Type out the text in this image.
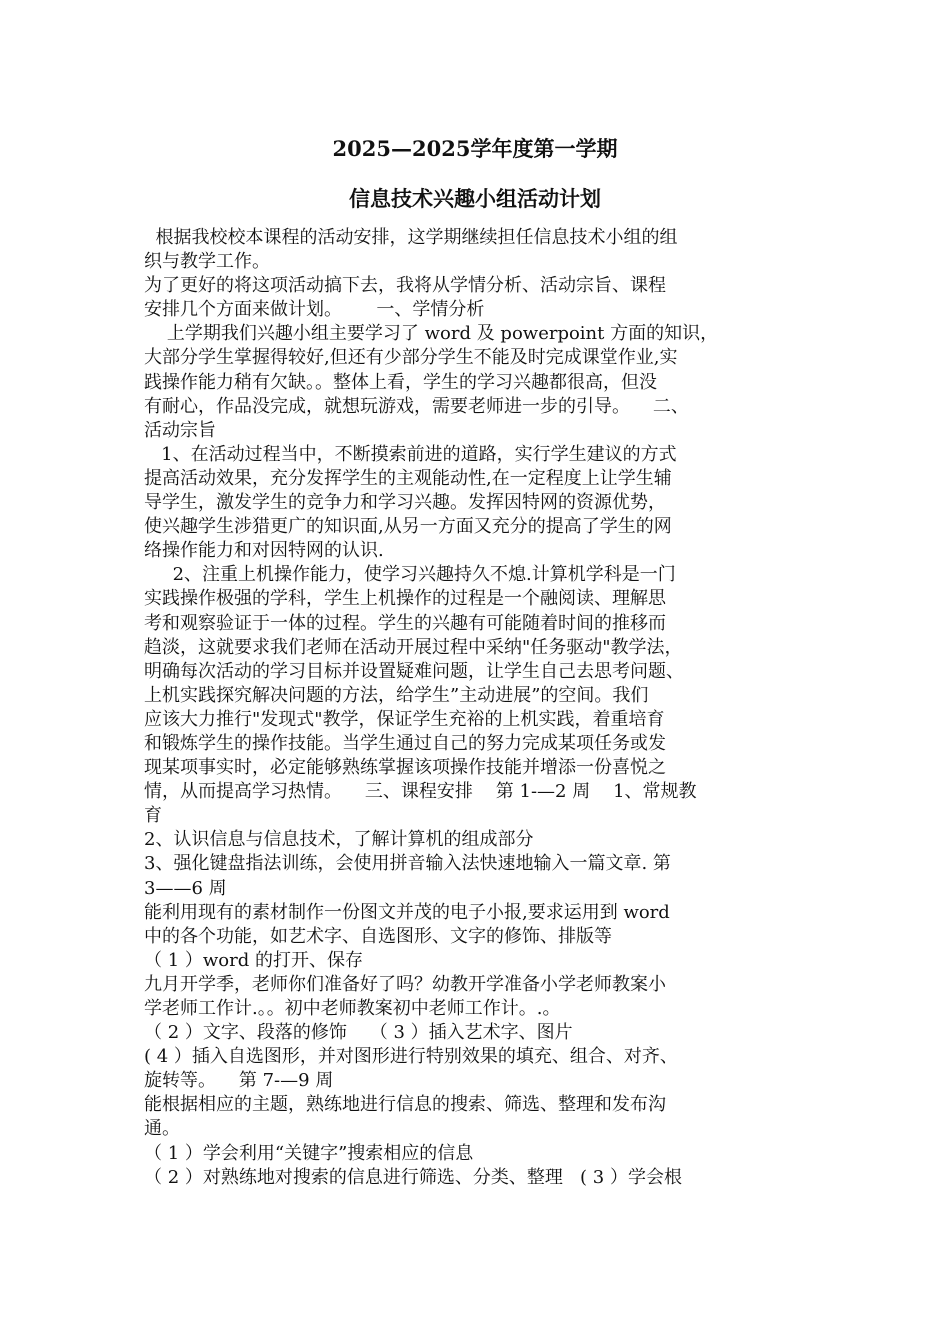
2025—2025学年度第一学期
信息技术兴趣小组活动计划
根据我校校本课程的活动安排，这学期继续担任信息技术小组的组
织与教学工作。
为了更好的将这项活动搞下去，我将从学情分析、活动宗旨、课程
安排几个方面来做计划。      一、学情分析
上学期我们兴趣小组主要学习了 word 及 powerpoint 方面的知识，
大部分学生掌握得较好,但还有少部分学生不能及时完成课堂作业,实
践操作能力稍有欠缺。。整体上看，学生的学习兴趣都很高，但没
有耐心，作品没完成，就想玩游戏，需要老师进一步的引导。    二、
活动宗旨
1、在活动过程当中，不断摸索前进的道路，实行学生建议的方式
提高活动效果，充分发挥学生的主观能动性,在一定程度上让学生辅
导学生，激发学生的竞争力和学习兴趣。发挥因特网的资源优势，
使兴趣学生涉猎更广的知识面,从另一方面又充分的提高了学生的网
络操作能力和对因特网的认识.
2、注重上机操作能力，使学习兴趣持久不熄.计算机学科是一门
实践操作极强的学科，学生上机操作的过程是一个融阅读、理解思
考和观察验证于一体的过程。学生的兴趣有可能随着时间的推移而
趋淡，这就要求我们老师在活动开展过程中采纳"任务驱动"教学法，
明确每次活动的学习目标并设置疑难问题，让学生自己去思考问题、
上机实践探究解决问题的方法，给学生”主动进展”的空间。我们
应该大力推行"发现式"教学，保证学生充裕的上机实践，着重培育
和锻炼学生的操作技能。当学生通过自己的努力完成某项任务或发
现某项事实时，必定能够熟练掌握该项操作技能并增添一份喜悦之
情，从而提高学习热情。    三、课程安排    第 1-—2 周    1、常规教
育
2、认识信息与信息技术，了解计算机的组成部分
3、强化键盘指法训练，会使用拼音输入法快速地输入一篇文章. 第
3——6 周
能利用现有的素材制作一份图文并茂的电子小报,要求运用到 word
中的各个功能，如艺术字、自选图形、文字的修饰、排版等
（ 1 ）word 的打开、保存
九月开学季，老师你们准备好了吗？幼教开学准备小学老师教案小
学老师工作计.。。初中老师教案初中老师工作计。.。
（ 2 ）文字、段落的修饰    （ 3 ）插入艺术字、图片
( 4 ）插入自选图形，并对图形进行特别效果的填充、组合、对齐、
旋转等。    第 7-—9 周
能根据相应的主题，熟练地进行信息的搜索、筛选、整理和发布沟
通。
（ 1 ）学会利用“关键字”搜索相应的信息
（ 2 ）对熟练地对搜索的信息进行筛选、分类、整理   ( 3 ）学会根
